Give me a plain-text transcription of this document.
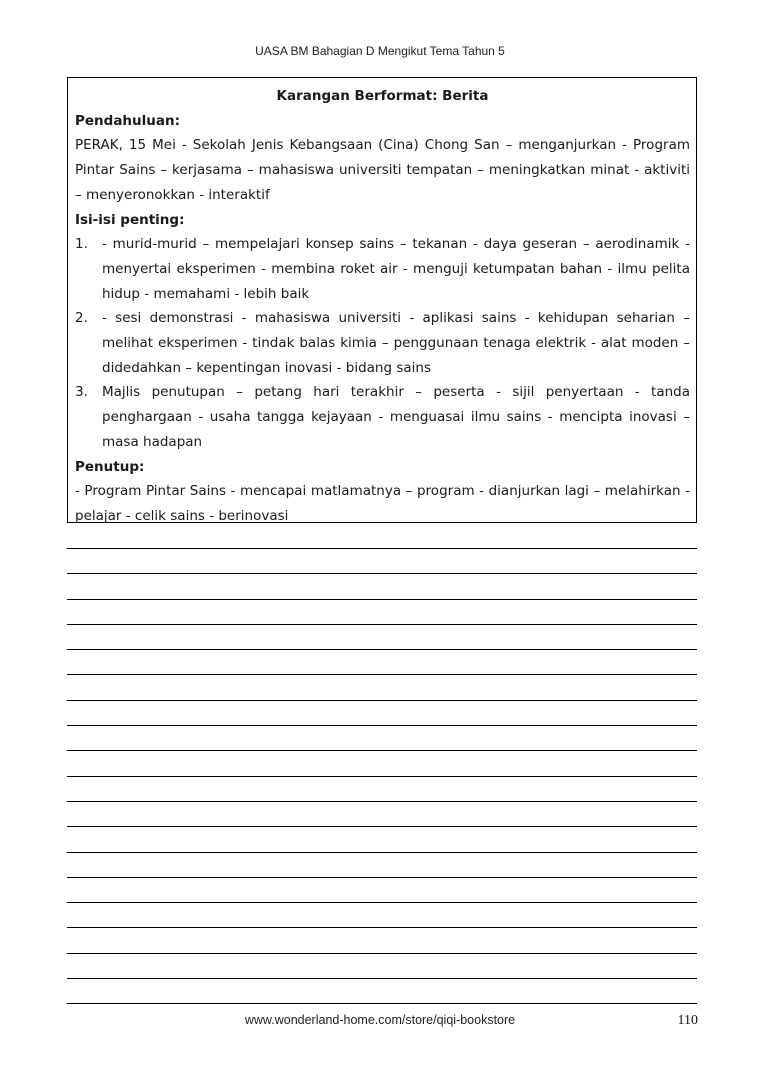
UASA BM Bahagian D Mengikut Tema Tahun 5
Karangan Berformat: Berita
Pendahuluan:
PERAK, 15 Mei - Sekolah Jenis Kebangsaan (Cina) Chong San – menganjurkan - Program Pintar Sains – kerjasama – mahasiswa universiti tempatan – meningkatkan minat - aktiviti – menyeronokkan - interaktif
Isi-isi penting:
1.	- murid-murid – mempelajari konsep sains – tekanan - daya geseran – aerodinamik - menyertai eksperimen - membina roket air - menguji ketumpatan bahan - ilmu pelita hidup - memahami - lebih baik
2.	- sesi demonstrasi - mahasiswa universiti - aplikasi sains - kehidupan seharian – melihat eksperimen - tindak balas kimia – penggunaan tenaga elektrik - alat moden – didedahkan – kepentingan inovasi - bidang sains
3.	Majlis penutupan – petang hari terakhir – peserta - sijil penyertaan - tanda penghargaan - usaha tangga kejayaan - menguasai ilmu sains - mencipta inovasi – masa hadapan
Penutup:
- Program Pintar Sains - mencapai matlamatnya – program - dianjurkan lagi – melahirkan - pelajar - celik sains - berinovasi
www.wonderland-home.com/store/qiqi-bookstore	110
